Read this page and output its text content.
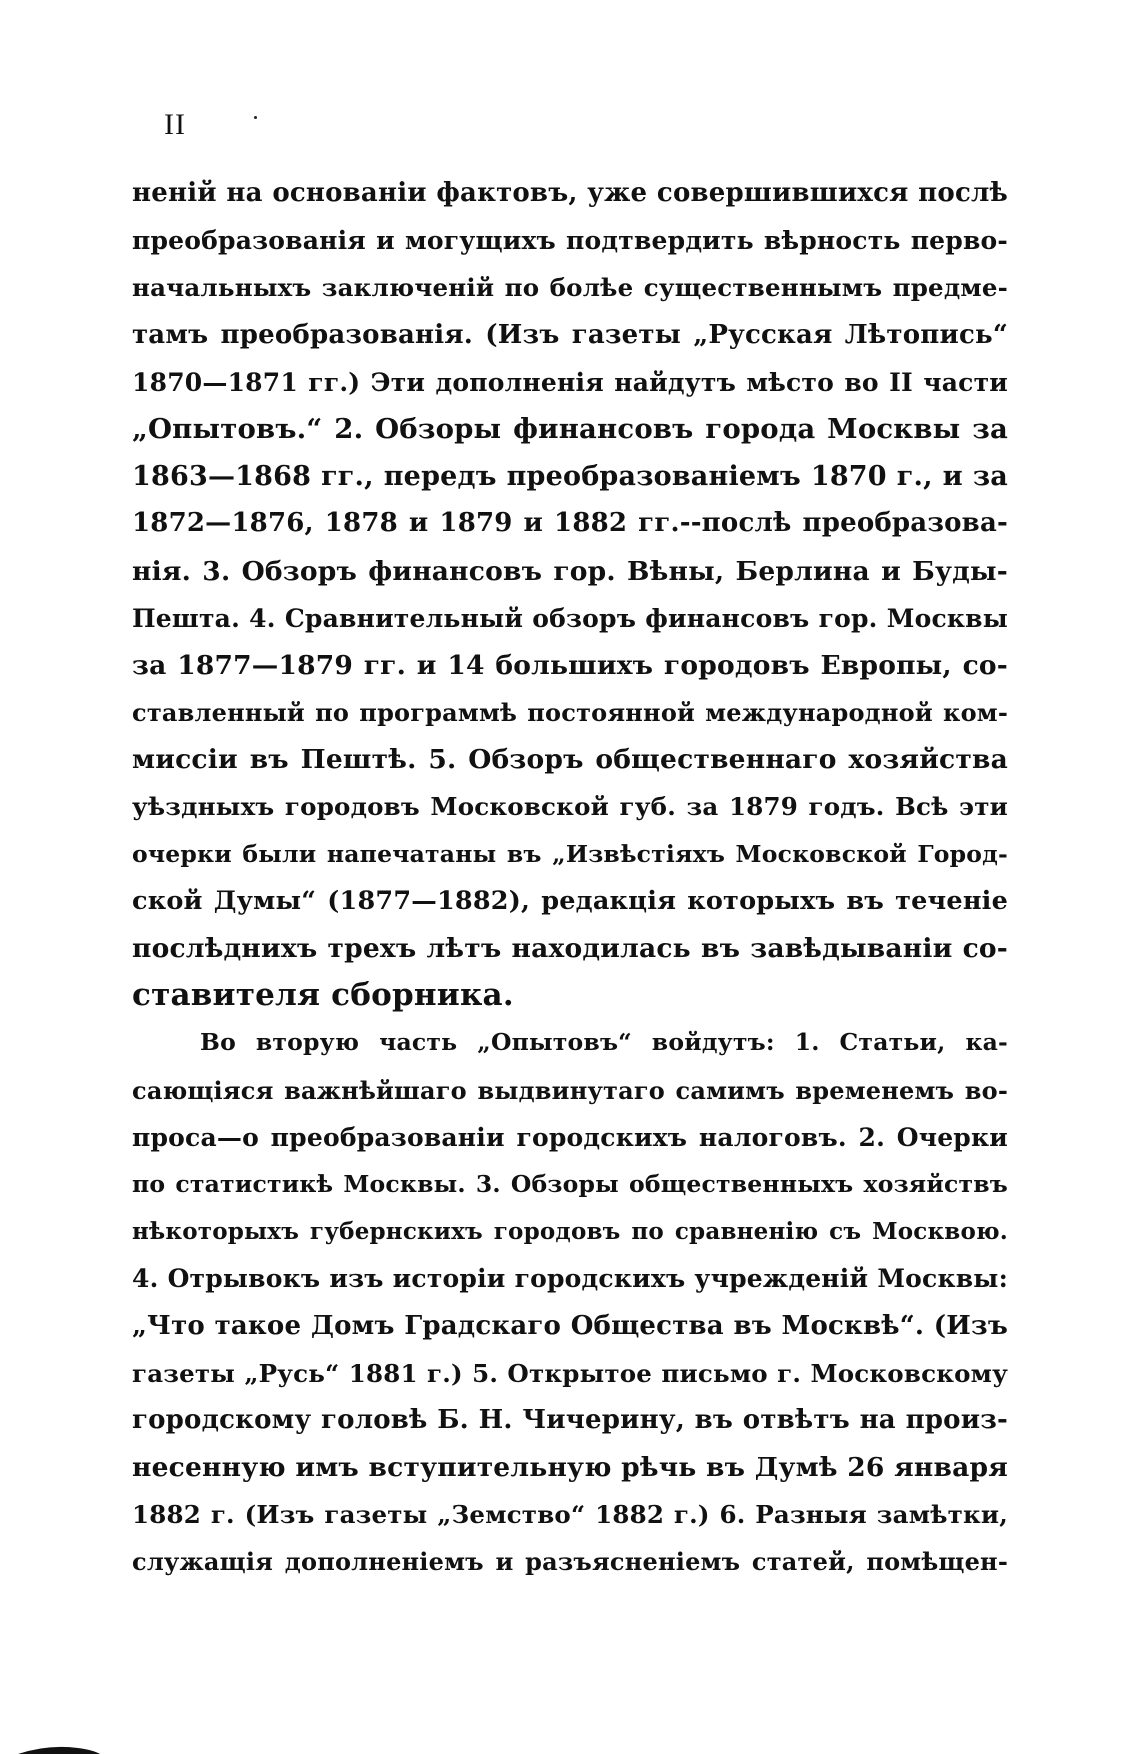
II
неній на основаніи фактовъ, уже совершившихся послѣ
преобразованія и могущихъ подтвердить вѣрность перво-
начальныхъ заключеній по болѣе существеннымъ предме-
тамъ преобразованія. (Изъ газеты „Русская Лѣтопись“
1870—1871 гг.) Эти дополненія найдутъ мѣсто во II части
„Опытовъ.“ 2. Обзоры финансовъ города Москвы за
1863—1868 гг., передъ преобразованіемъ 1870 г., и за
1872—1876, 1878 и 1879 и 1882 гг.--послѣ преобразова-
нія. 3. Обзоръ финансовъ гор. Вѣны, Берлина и Буды-
Пешта. 4. Сравнительный обзоръ финансовъ гор. Москвы
за 1877—1879 гг. и 14 большихъ городовъ Европы, со-
ставленный по программѣ постоянной международной ком-
миссіи въ Пештѣ. 5. Обзоръ общественнаго хозяйства
уѣздныхъ городовъ Московской губ. за 1879 годъ. Всѣ эти
очерки были напечатаны въ „Извѣстіяхъ Московской Город-
ской Думы“ (1877—1882), редакція которыхъ въ теченіе
послѣднихъ трехъ лѣтъ находилась въ завѣдываніи со-
ставителя сборника.
Во вторую часть „Опытовъ“ войдутъ: 1. Статьи, ка-
сающіяся важнѣйшаго выдвинутаго самимъ временемъ во-
проса—о преобразованіи городскихъ налоговъ. 2. Очерки
по статистикѣ Москвы. 3. Обзоры общественныхъ хозяйствъ
нѣкоторыхъ губернскихъ городовъ по сравненію съ Москвою.
4. Отрывокъ изъ исторіи городскихъ учрежденій Москвы:
„Что такое Домъ Градскаго Общества въ Москвѣ“. (Изъ
газеты „Русь“ 1881 г.) 5. Открытое письмо г. Московскому
городскому головѣ Б. Н. Чичерину, въ отвѣтъ на произ-
несенную имъ вступительную рѣчь въ Думѣ 26 января
1882 г. (Изъ газеты „Земство“ 1882 г.) 6. Разныя замѣтки,
служащія дополненіемъ и разъясненіемъ статей, помѣщен-
